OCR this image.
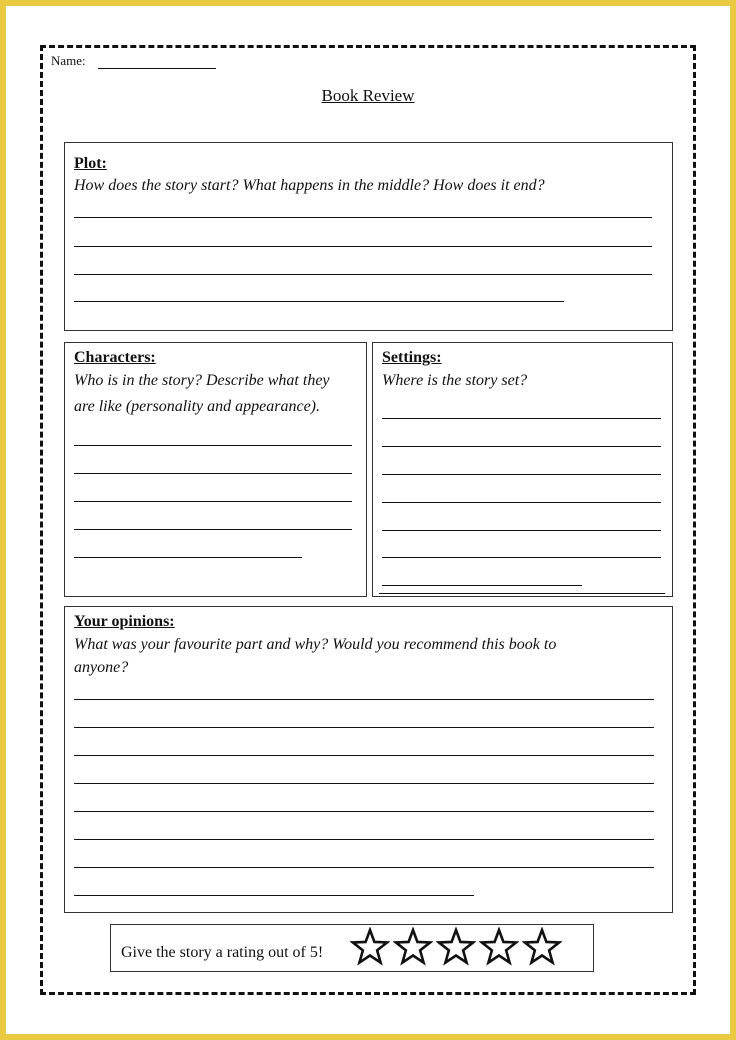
Name:
Book Review
Plot:
How does the story start? What happens in the middle? How does it end?
Characters:
Who is in the story? Describe what they
are like (personality and appearance).
Settings:
Where is the story set?
Your opinions:
What was your favourite part and why? Would you recommend this book to
anyone?
Give the story a rating out of 5!
